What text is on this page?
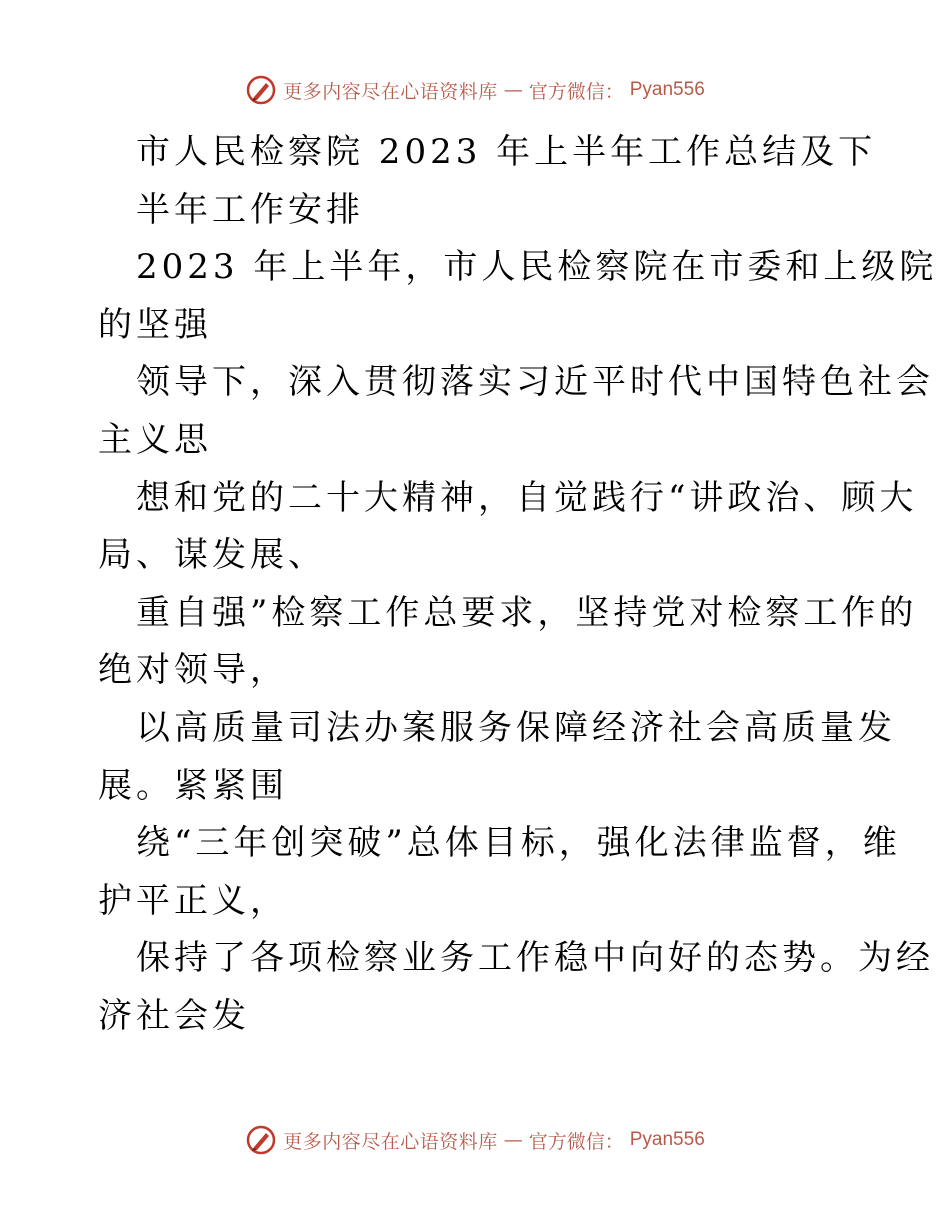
更多内容尽在心语资料库 — 官方微信： Pyan556
市人民检察院 2023 年上半年工作总结及下
半年工作安排
2023 年上半年，市人民检察院在市委和上级院
的坚强
领导下，深入贯彻落实习近平时代中国特色社会
主义思
想和党的二十大精神，自觉践行“讲政治、顾大
局、谋发展、
重自强”检察工作总要求，坚持党对检察工作的
绝对领导，
以高质量司法办案服务保障经济社会高质量发
展。紧紧围
绕“三年创突破”总体目标，强化法律监督，维
护平正义，
保持了各项检察业务工作稳中向好的态势。为经
济社会发
更多内容尽在心语资料库 — 官方微信： Pyan556
